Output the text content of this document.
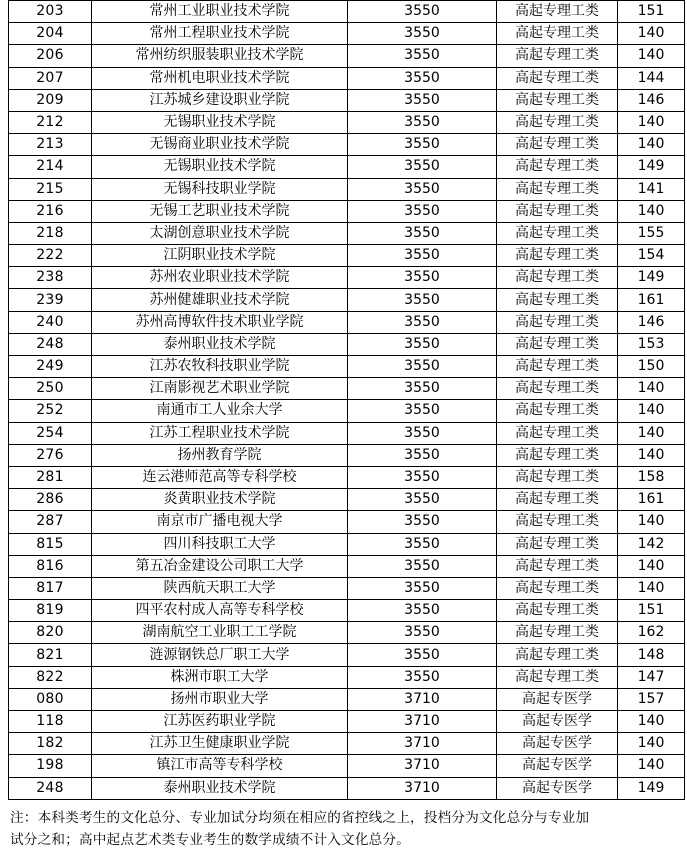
203	常州工业职业技术学院	3550	高起专理工类	151
204	常州工程职业技术学院	3550	高起专理工类	140
206	常州纺织服装职业技术学院	3550	高起专理工类	140
207	常州机电职业技术学院	3550	高起专理工类	144
209	江苏城乡建设职业学院	3550	高起专理工类	146
212	无锡职业技术学院	3550	高起专理工类	140
213	无锡商业职业技术学院	3550	高起专理工类	140
214	无锡职业技术学院	3550	高起专理工类	149
215	无锡科技职业学院	3550	高起专理工类	141
216	无锡工艺职业技术学院	3550	高起专理工类	140
218	太湖创意职业技术学院	3550	高起专理工类	155
222	江阴职业技术学院	3550	高起专理工类	154
238	苏州农业职业技术学院	3550	高起专理工类	149
239	苏州健雄职业技术学院	3550	高起专理工类	161
240	苏州高博软件技术职业学院	3550	高起专理工类	146
248	泰州职业技术学院	3550	高起专理工类	153
249	江苏农牧科技职业学院	3550	高起专理工类	150
250	江南影视艺术职业学院	3550	高起专理工类	140
252	南通市工人业余大学	3550	高起专理工类	140
254	江苏工程职业技术学院	3550	高起专理工类	140
276	扬州教育学院	3550	高起专理工类	140
281	连云港师范高等专科学校	3550	高起专理工类	158
286	炎黄职业技术学院	3550	高起专理工类	161
287	南京市广播电视大学	3550	高起专理工类	140
815	四川科技职工大学	3550	高起专理工类	142
816	第五冶金建设公司职工大学	3550	高起专理工类	140
817	陕西航天职工大学	3550	高起专理工类	140
819	四平农村成人高等专科学校	3550	高起专理工类	151
820	湖南航空工业职工工学院	3550	高起专理工类	162
821	涟源钢铁总厂职工大学	3550	高起专理工类	148
822	株洲市职工大学	3550	高起专理工类	147
080	扬州市职业大学	3710	高起专医学	157
118	江苏医药职业学院	3710	高起专医学	140
182	江苏卫生健康职业学院	3710	高起专医学	140
198	镇江市高等专科学校	3710	高起专医学	140
248	泰州职业技术学院	3710	高起专医学	149

注：本科类考生的文化总分、专业加试分均须在相应的省控线之上，投档分为文化总分与专业加

试分之和；高中起点艺术类专业考生的数学成绩不计入文化总分。
